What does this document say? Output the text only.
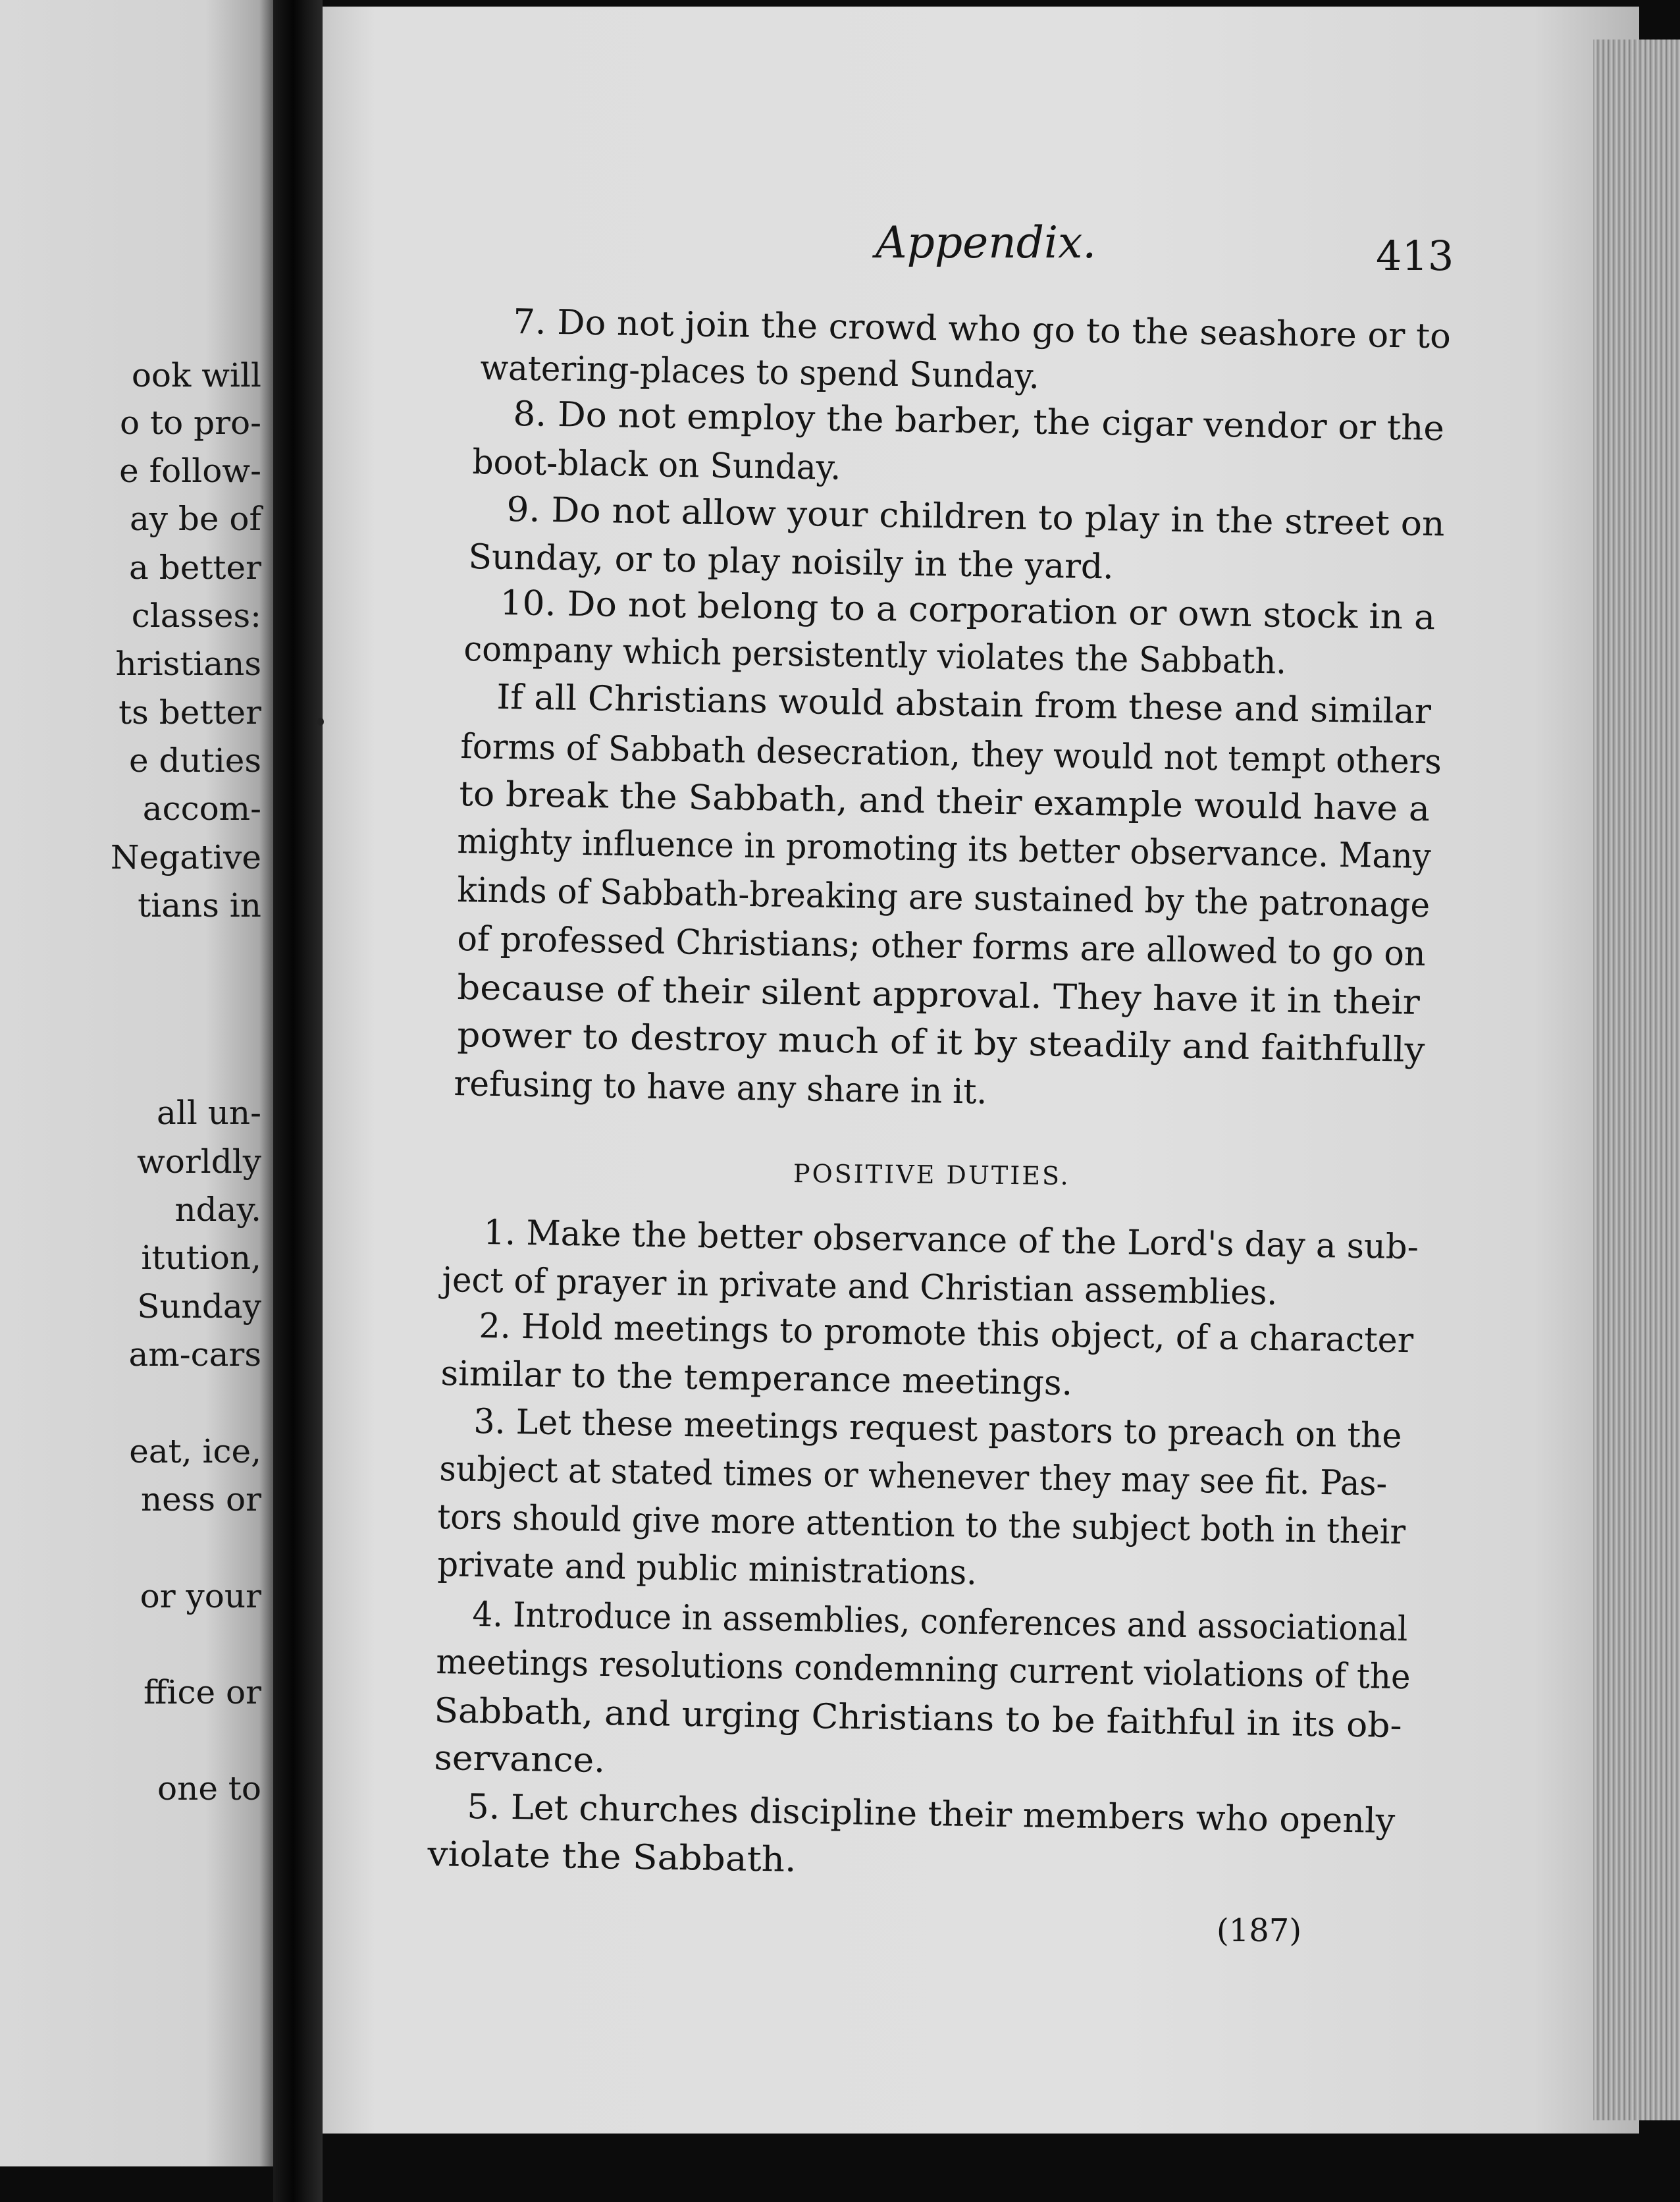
ook will
o to pro-
e follow-
ay be of
a better
classes:
hristians
ts better
e duties
accom-
Negative
tians in
all un-
worldly
nday.
itution,
Sunday
am-cars
eat, ice,
ness or
or your
ffice or
one to
Appendix.	413
7. Do not join the crowd who go to the seashore or to
watering-places to spend Sunday.
8. Do not employ the barber, the cigar vendor or the
boot-black on Sunday.
9. Do not allow your children to play in the street on
Sunday, or to play noisily in the yard.
10. Do not belong to a corporation or own stock in a
company which persistently violates the Sabbath.
If all Christians would abstain from these and similar
forms of Sabbath desecration, they would not tempt others
to break the Sabbath, and their example would have a
mighty influence in promoting its better observance. Many
kinds of Sabbath-breaking are sustained by the patronage
of professed Christians; other forms are allowed to go on
because of their silent approval. They have it in their
power to destroy much of it by steadily and faithfully
refusing to have any share in it.
POSITIVE DUTIES.
1. Make the better observance of the Lord's day a sub-
ject of prayer in private and Christian assemblies.
2. Hold meetings to promote this object, of a character
similar to the temperance meetings.
3. Let these meetings request pastors to preach on the
subject at stated times or whenever they may see fit. Pas-
tors should give more attention to the subject both in their
private and public ministrations.
4. Introduce in assemblies, conferences and associational
meetings resolutions condemning current violations of the
Sabbath, and urging Christians to be faithful in its ob-
servance.
5. Let churches discipline their members who openly
violate the Sabbath.
(187)
